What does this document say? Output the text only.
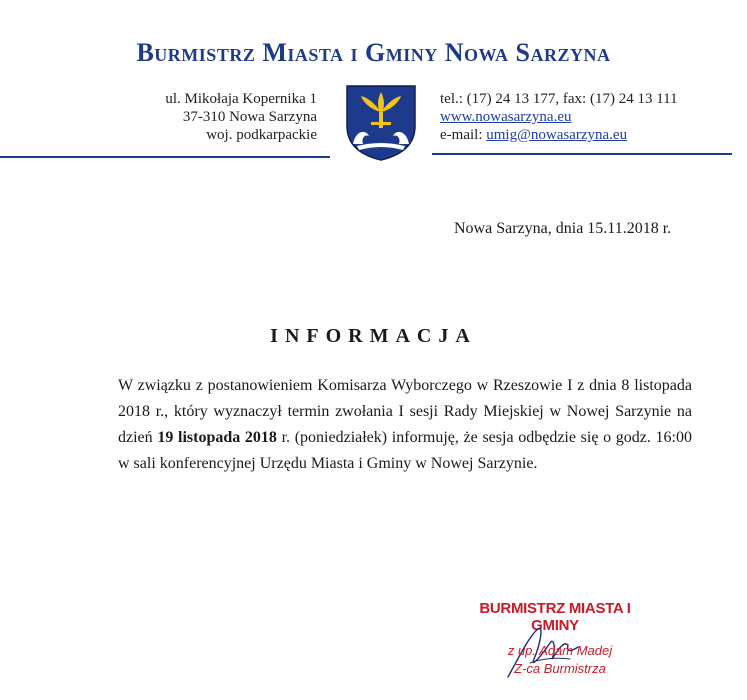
Burmistrz Miasta i Gminy Nowa Sarzyna
ul. Mikołaja Kopernika 1
37-310 Nowa Sarzyna
woj. podkarpackie
tel.: (17) 24 13 177, fax: (17) 24 13 111
www.nowasarzyna.eu
e-mail: umig@nowasarzyna.eu
Nowa Sarzyna, dnia 15.11.2018 r.
INFORMACJA
W związku z postanowieniem Komisarza Wyborczego w Rzeszowie I z dnia 8 listopada 2018 r., który wyznaczył termin zwołania I sesji Rady Miejskiej w Nowej Sarzynie na dzień 19 listopada 2018 r. (poniedziałek) informuję, że sesja odbędzie się o godz. 16:00 w sali konferencyjnej Urzędu Miasta i Gminy w Nowej Sarzynie.
BURMISTRZ MIASTA I GMINY
z up. Adam Madej
Z-ca Burmistrza
